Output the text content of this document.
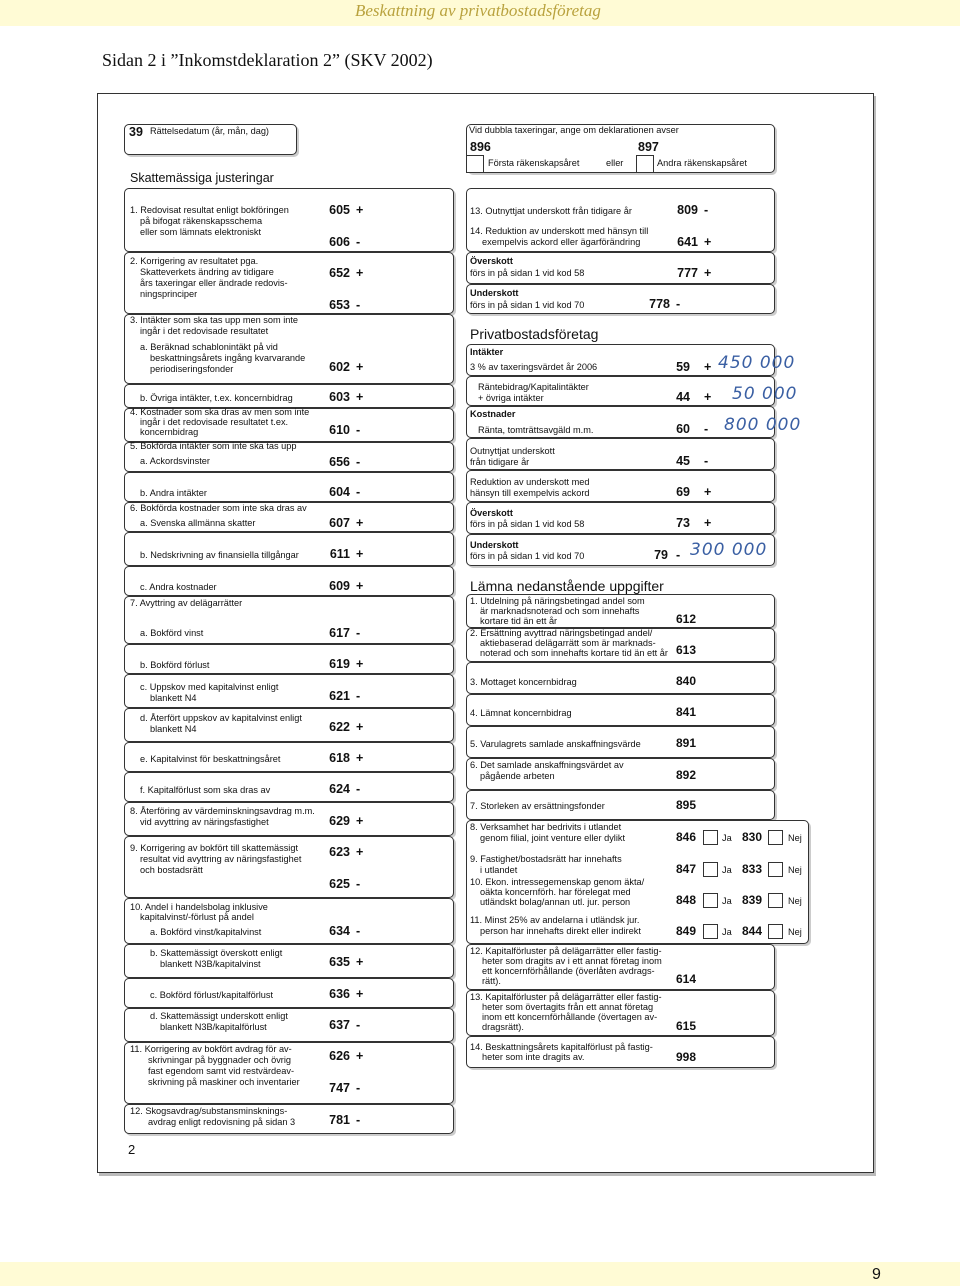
Beskattning av privatbostadsföretag
Sidan 2 i ”Inkomstdeklaration 2” (SKV 2002)
39 Rättelsedatum (år, mån, dag)	Vid dubbla taxeringar, ange om deklarationen avser
896
Första räkenskapsåret	eller
897
Andra räkenskapsåret
Skattemässiga justeringar
1. Redovisat resultat enligt bokföringen
på bifogat räkenskapsschema
eller som lämnats elektroniskt
605 +
606 -
2. Korrigering av resultatet pga.
Skatteverkets ändring av tidigare
års taxeringar eller ändrade redovis-
ningsprinciper
652 +
653 -
3. Intäkter som ska tas upp men som inte
ingår i det redovisade resultatet
a. Beräknad schablonintäkt på vid
beskattningsårets ingång kvarvarande
periodiseringsfonder	602 +
b. Övriga intäkter, t.ex. koncernbidrag	603 +
4. Kostnader som ska dras av men som inte
ingår i det redovisade resultatet t.ex.
koncernbidrag	610 -
5. Bokförda intäkter som inte ska tas upp
a. Ackordsvinster	656 -
b. Andra intäkter	604 -
6. Bokförda kostnader som inte ska dras av
a. Svenska allmänna skatter	607 +
b. Nedskrivning av finansiella tillgångar	611 +
c. Andra kostnader	609 +
7. Avyttring av delägarrätter
a. Bokförd vinst	617 -
b. Bokförd förlust	619 +
c. Uppskov med kapitalvinst enligt
blankett N4	621 -
d. Återfört uppskov av kapitalvinst enligt
blankett N4	622 +
e. Kapitalvinst för beskattningsåret	618 +
f. Kapitalförlust som ska dras av	624 -
8. Återföring av värdeminskningsavdrag m.m.
vid avyttring av näringsfastighet	629 +
9. Korrigering av bokfört till skattemässigt
resultat vid avyttring av näringsfastighet
och bostadsrätt
623 +
625 -
10. Andel i handelsbolag inklusive
kapitalvinst/-förlust på andel
a. Bokförd vinst/kapitalvinst	634 -
b. Skattemässigt överskott enligt
blankett N3B/kapitalvinst	635 +
c. Bokförd förlust/kapitalförlust	636 +
d. Skattemässigt underskott enligt
blankett N3B/kapitalförlust	637 -
11. Korrigering av bokfört avdrag för av-
skrivningar på byggnader och övrig
fast egendom samt vid restvärdeav-
skrivning på maskiner och inventarier
626 +
747 -
12. Skogsavdrag/substansminsknings-
avdrag enligt redovisning på sidan 3	781 -
2
13. Outnyttjat underskott från tidigare år	809 -
14. Reduktion av underskott med hänsyn till
exempelvis ackord eller ägarförändring	641 +
Överskott
förs in på sidan 1 vid kod 58	777 +
Underskott
förs in på sidan 1 vid kod 70	778 -
Privatbostadsföretag
Intäkter
3 % av taxeringsvärdet år 2006	59 + 450 000
Räntebidrag/Kapitalintäkter
+ övriga intäkter	44 + 50 000
Kostnader
Ränta, tomträttsavgäld m.m.	60 - 800 000
Outnyttjat underskott
från tidigare år	45 -
Reduktion av underskott med
hänsyn till exempelvis ackord	69 +
Överskott
förs in på sidan 1 vid kod 58	73 +
Underskott
förs in på sidan 1 vid kod 70	79 - 300 000
Lämna nedanstående uppgifter
1. Utdelning på näringsbetingad andel som
är marknadsnoterad och som innehafts
kortare tid än ett år	612
2. Ersättning avyttrad näringsbetingad andel/
aktiebaserad delägarrätt som är marknads-
noterad och som innehafts kortare tid än ett år 613
3. Mottaget koncernbidrag	840
4. Lämnat koncernbidrag	841
5. Varulagrets samlade anskaffningsvärde	891
6. Det samlade anskaffningsvärdet av
pågående arbeten	892
7. Storleken av ersättningsfonder	895
8. Verksamhet har bedrivits i utlandet
genom filial, joint venture eller dylikt	846	Ja 830	Nej
9. Fastighet/bostadsrätt har innehafts
i utlandet	847	Ja 833	Nej
10. Ekon. intressegemenskap genom äkta/
oäkta koncernförh. har förelegat med
utländskt bolag/annan utl. jur. person	848	Ja 839	Nej
11. Minst 25% av andelarna i utländsk jur.
person har innehafts direkt eller indirekt	849	Ja 844	Nej
12. Kapitalförluster på delägarrätter eller fastig-
heter som dragits av i ett annat företag inom
ett koncernförhållande (överlåten avdrags-
rätt).	614
13. Kapitalförluster på delägarrätter eller fastig-
heter som övertagits från ett annat företag
inom ett koncernförhållande (övertagen av-
dragsrätt).	615
14. Beskattningsårets kapitalförlust på fastig-
heter som inte dragits av.	998
9
